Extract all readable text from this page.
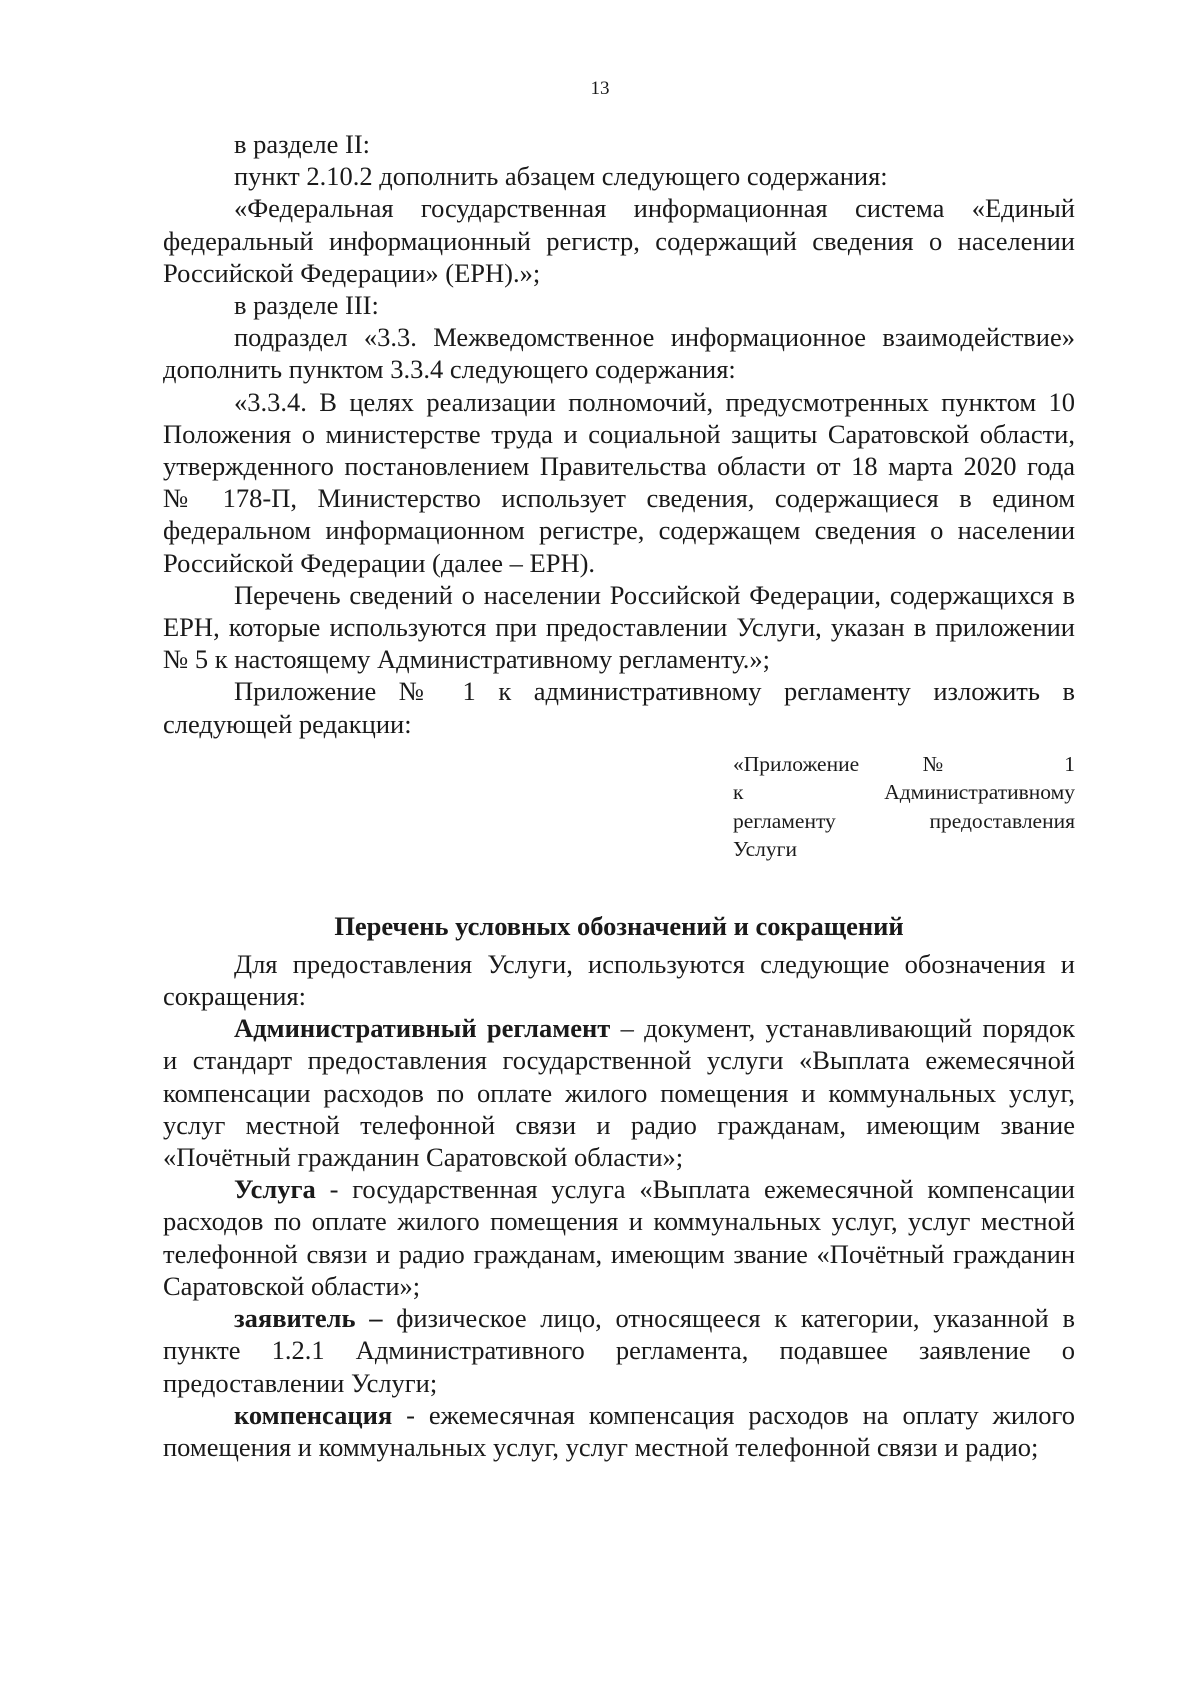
13

в разделе II:

пункт 2.10.2 дополнить абзацем следующего содержания:

«Федеральная государственная информационная система «Единый федеральный информационный регистр, содержащий сведения о населении Российской Федерации» (ЕРН).»;

в разделе III:

подраздел «3.3. Межведомственное информационное взаимодействие» дополнить пунктом 3.3.4 следующего содержания:

«3.3.4. В целях реализации полномочий, предусмотренных пунктом 10 Положения о министерстве труда и социальной защиты Саратовской области, утвержденного постановлением Правительства области от 18 марта 2020 года № 178-П, Министерство использует сведения, содержащиеся в едином федеральном информационном регистре, содержащем сведения о населении Российской Федерации (далее – ЕРН).

Перечень сведений о населении Российской Федерации, содержащихся в ЕРН, которые используются при предоставлении Услуги, указан в приложении № 5 к настоящему Административному регламенту.»;

Приложение № 1 к административному регламенту изложить в следующей редакции:

«Приложение № 1
к Административному
регламенту предоставления
Услуги
Перечень условных обозначений и сокращений

Для предоставления Услуги, используются следующие обозначения и сокращения:

Административный регламент – документ, устанавливающий порядок и стандарт предоставления государственной услуги «Выплата ежемесячной компенсации расходов по оплате жилого помещения и коммунальных услуг, услуг местной телефонной связи и радио гражданам, имеющим звание «Почётный гражданин Саратовской области»;

Услуга - государственная услуга «Выплата ежемесячной компенсации расходов по оплате жилого помещения и коммунальных услуг, услуг местной телефонной связи и радио гражданам, имеющим звание «Почётный гражданин Саратовской области»;

заявитель – физическое лицо, относящееся к категории, указанной в пункте 1.2.1 Административного регламента, подавшее заявление о предоставлении Услуги;

компенсация - ежемесячная компенсация расходов на оплату жилого помещения и коммунальных услуг, услуг местной телефонной связи и радио;
